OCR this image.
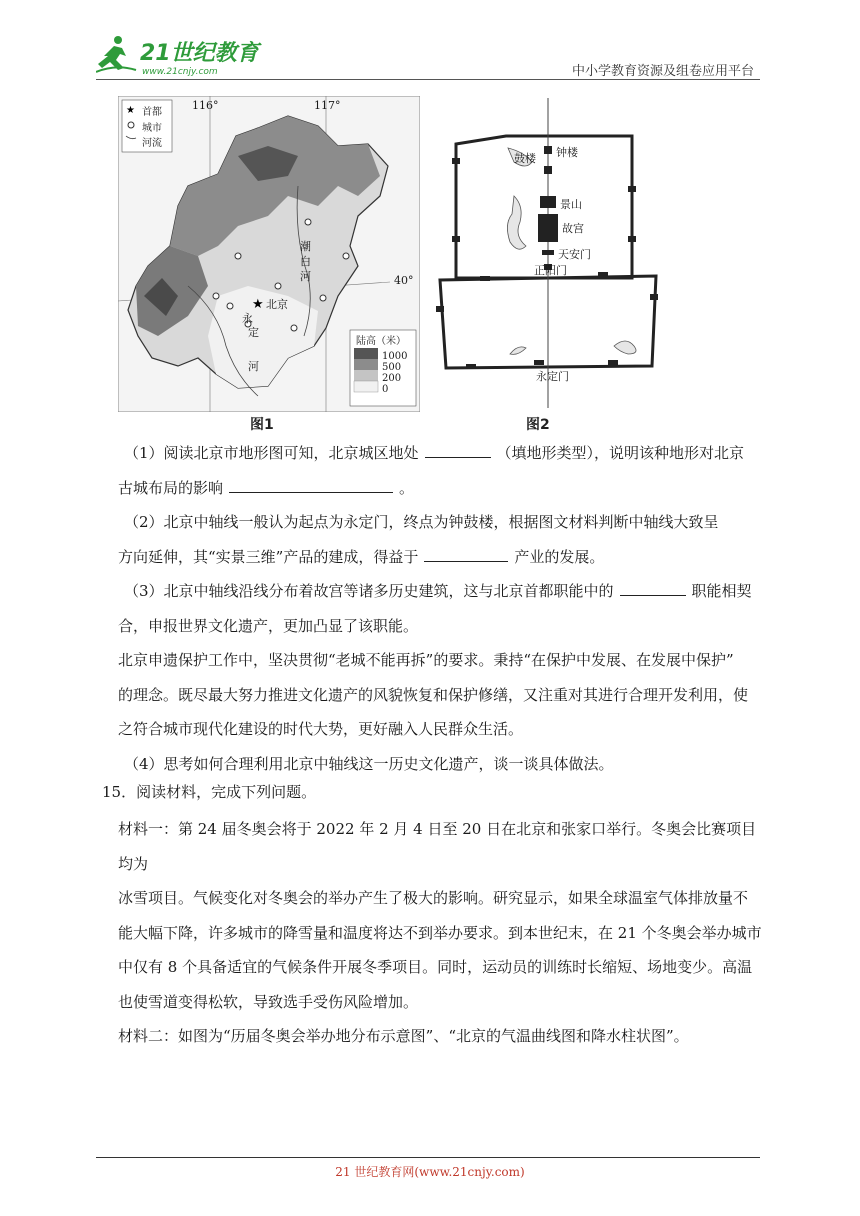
21世纪教育
www.21cnjy.com	中小学教育资源及组卷应用平台
★
★	116°	117°
40°
首都
城市
河流
北京
潮
白
河
永
定
河
陆高（米）
1000
500
200
0
图1
鼓楼 钟楼
景山
故宫
天安门
正阳门
永定门
图2

（1）阅读北京市地形图可知，北京城区地处	（填地形类型），说明该种地形对北京

古城布局的影响	。

（2）北京中轴线一般认为起点为永定门，终点为钟鼓楼，根据图文材料判断中轴线大致呈

方向延伸，其“实景三维”产品的建成，得益于	产业的发展。

（3）北京中轴线沿线分布着故宫等诸多历史建筑，这与北京首都职能中的	职能相契

合，申报世界文化遗产，更加凸显了该职能。

北京申遗保护工作中，坚决贯彻“老城不能再拆”的要求。秉持“在保护中发展、在发展中保护”

的理念。既尽最大努力推进文化遗产的风貌恢复和保护修缮，又注重对其进行合理开发利用，使

之符合城市现代化建设的时代大势，更好融入人民群众生活。

（4）思考如何合理利用北京中轴线这一历史文化遗产，谈一谈具体做法。

15．阅读材料，完成下列问题。

材料一：第 24 届冬奥会将于 2022 年 2 月 4 日至 20 日在北京和张家口举行。冬奥会比赛项目均为

冰雪项目。气候变化对冬奥会的举办产生了极大的影响。研究显示，如果全球温室气体排放量不

能大幅下降，许多城市的降雪量和温度将达不到举办要求。到本世纪末，在 21 个冬奥会举办城市

中仅有 8 个具备适宜的气候条件开展冬季项目。同时，运动员的训练时长缩短、场地变少。高温

也使雪道变得松软，导致选手受伤风险增加。

材料二：如图为“历届冬奥会举办地分布示意图”、“北京的气温曲线图和降水柱状图”。

21 世纪教育网(www.21cnjy.com)
